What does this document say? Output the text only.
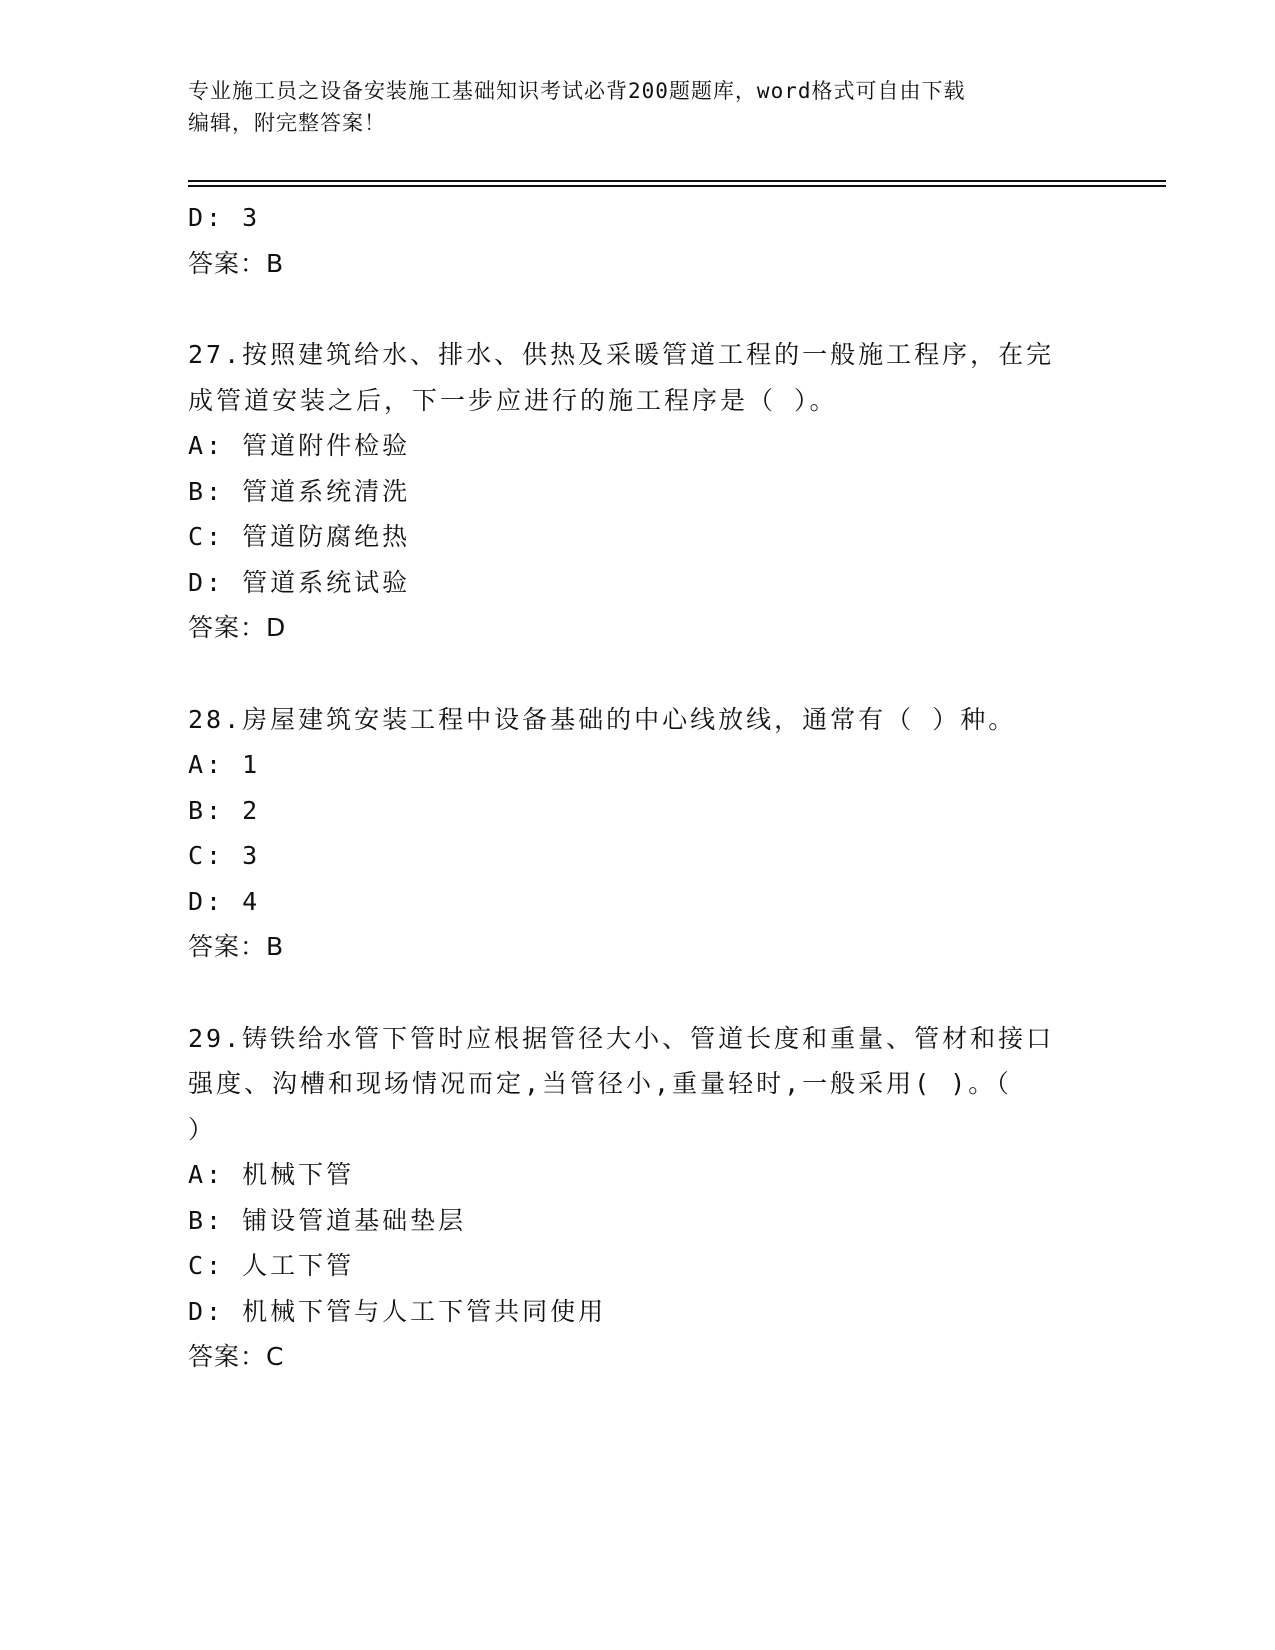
专业施工员之设备安装施工基础知识考试必背200题题库，word格式可自由下载
编辑，附完整答案！
D: 3
答案：B
27.按照建筑给水、排水、供热及采暖管道工程的一般施工程序，在完
成管道安装之后，下一步应进行的施工程序是（ ）。
A: 管道附件检验
B: 管道系统清洗
C: 管道防腐绝热
D: 管道系统试验
答案：D
28.房屋建筑安装工程中设备基础的中心线放线，通常有（ ）种。
A: 1
B: 2
C: 3
D: 4
答案：B
29.铸铁给水管下管时应根据管径大小、管道长度和重量、管材和接口
强度、沟槽和现场情况而定,当管径小,重量轻时,一般采用( )。（
）
A: 机械下管
B: 铺设管道基础垫层
C: 人工下管
D: 机械下管与人工下管共同使用
答案：C
